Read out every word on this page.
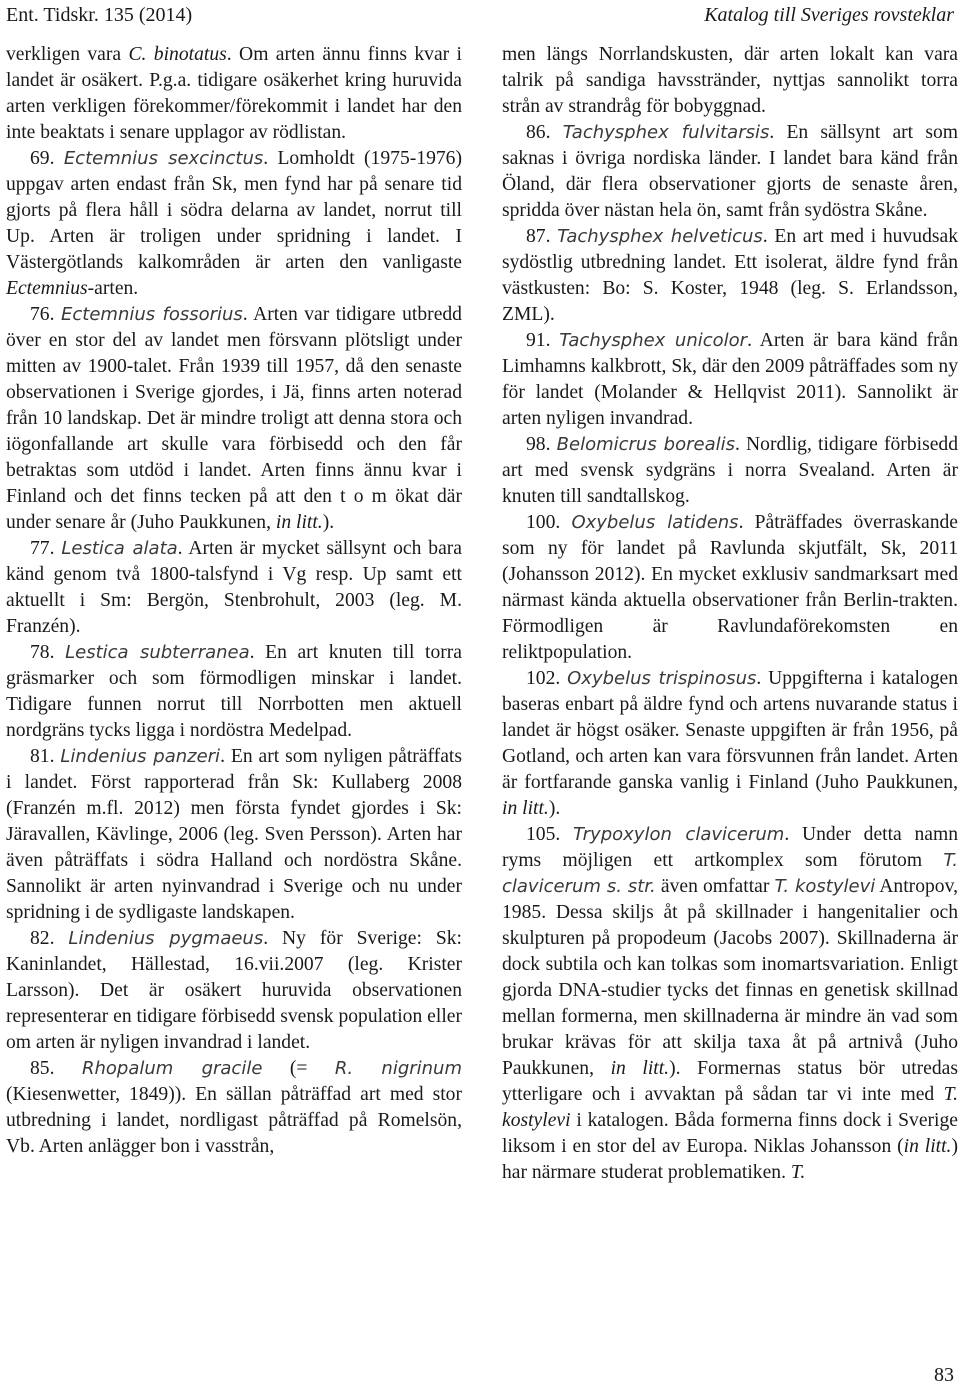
Ent. Tidskr. 135 (2014)	Katalog till Sveriges rovsteklar

verkligen vara C. binotatus. Om arten ännu finns kvar i landet är osäkert. P.g.a. tidigare osäkerhet kring huruvida arten verkligen förekommer/förekommit i landet har den inte beaktats i senare upplagor av rödlistan.

69. Ectemnius sexcinctus. Lomholdt (1975-1976) uppgav arten endast från Sk, men fynd har på senare tid gjorts på flera håll i södra delarna av landet, norrut till Up. Arten är troligen under spridning i landet. I Västergötlands kalkområden är arten den vanligaste Ectemnius-arten.

76. Ectemnius fossorius. Arten var tidigare utbredd över en stor del av landet men försvann plötsligt under mitten av 1900-talet. Från 1939 till 1957, då den senaste observationen i Sverige gjordes, i Jä, finns arten noterad från 10 landskap. Det är mindre troligt att denna stora och iögonfallande art skulle vara förbisedd och den får betraktas som utdöd i landet. Arten finns ännu kvar i Finland och det finns tecken på att den t o m ökat där under senare år (Juho Paukkunen, in litt.).

77. Lestica alata. Arten är mycket sällsynt och bara känd genom två 1800-talsfynd i Vg resp. Up samt ett aktuellt i Sm: Bergön, Stenbrohult, 2003 (leg. M. Franzén).

78. Lestica subterranea. En art knuten till torra gräsmarker och som förmodligen minskar i landet. Tidigare funnen norrut till Norrbotten men aktuell nordgräns tycks ligga i nordöstra Medelpad.

81. Lindenius panzeri. En art som nyligen påträffats i landet. Först rapporterad från Sk: Kullaberg 2008 (Franzén m.fl. 2012) men första fyndet gjordes i Sk: Järavallen, Kävlinge, 2006 (leg. Sven Persson). Arten har även påträffats i södra Halland och nordöstra Skåne. Sannolikt är arten nyinvandrad i Sverige och nu under spridning i de sydligaste landskapen.

82. Lindenius pygmaeus. Ny för Sverige: Sk: Kaninlandet, Hällestad, 16.vii.2007 (leg. Krister Larsson). Det är osäkert huruvida observationen representerar en tidigare förbisedd svensk population eller om arten är nyligen invandrad i landet.

85. Rhopalum gracile (= R. nigrinum (Kiesenwetter, 1849)). En sällan påträffad art med stor utbredning i landet, nordligast påträffad på Romelsön, Vb. Arten anlägger bon i vasstrån,

men längs Norrlandskusten, där arten lokalt kan vara talrik på sandiga havsstränder, nyttjas sannolikt torra strån av strandråg för bobyggnad.

86. Tachysphex fulvitarsis. En sällsynt art som saknas i övriga nordiska länder. I landet bara känd från Öland, där flera observationer gjorts de senaste åren, spridda över nästan hela ön, samt från sydöstra Skåne.

87. Tachysphex helveticus. En art med i huvudsak sydöstlig utbredning landet. Ett isolerat, äldre fynd från västkusten: Bo: S. Koster, 1948 (leg. S. Erlandsson, ZML).

91. Tachysphex unicolor. Arten är bara känd från Limhamns kalkbrott, Sk, där den 2009 påträffades som ny för landet (Molander & Hellqvist 2011). Sannolikt är arten nyligen invandrad.

98. Belomicrus borealis. Nordlig, tidigare förbisedd art med svensk sydgräns i norra Svealand. Arten är knuten till sandtallskog.

100. Oxybelus latidens. Påträffades överraskande som ny för landet på Ravlunda skjutfält, Sk, 2011 (Johansson 2012). En mycket exklusiv sandmarksart med närmast kända aktuella observationer från Berlin-trakten. Förmodligen är Ravlundaförekomsten en reliktpopulation.

102. Oxybelus trispinosus. Uppgifterna i katalogen baseras enbart på äldre fynd och artens nuvarande status i landet är högst osäker. Senaste uppgiften är från 1956, på Gotland, och arten kan vara försvunnen från landet. Arten är fortfarande ganska vanlig i Finland (Juho Paukkunen, in litt.).

105. Trypoxylon clavicerum. Under detta namn ryms möjligen ett artkomplex som förutom T. clavicerum s. str. även omfattar T. kostylevi Antropov, 1985. Dessa skiljs åt på skillnader i hangenitalier och skulpturen på propodeum (Jacobs 2007). Skillnaderna är dock subtila och kan tolkas som inomartsvariation. Enligt gjorda DNA-studier tycks det finnas en genetisk skillnad mellan formerna, men skillnaderna är mindre än vad som brukar krävas för att skilja taxa åt på artnivå (Juho Paukkunen, in litt.). Formernas status bör utredas ytterligare och i avvaktan på sådan tar vi inte med T. kostylevi i katalogen. Båda formerna finns dock i Sverige liksom i en stor del av Europa. Niklas Johansson (in litt.) har närmare studerat problematiken. T.

83
